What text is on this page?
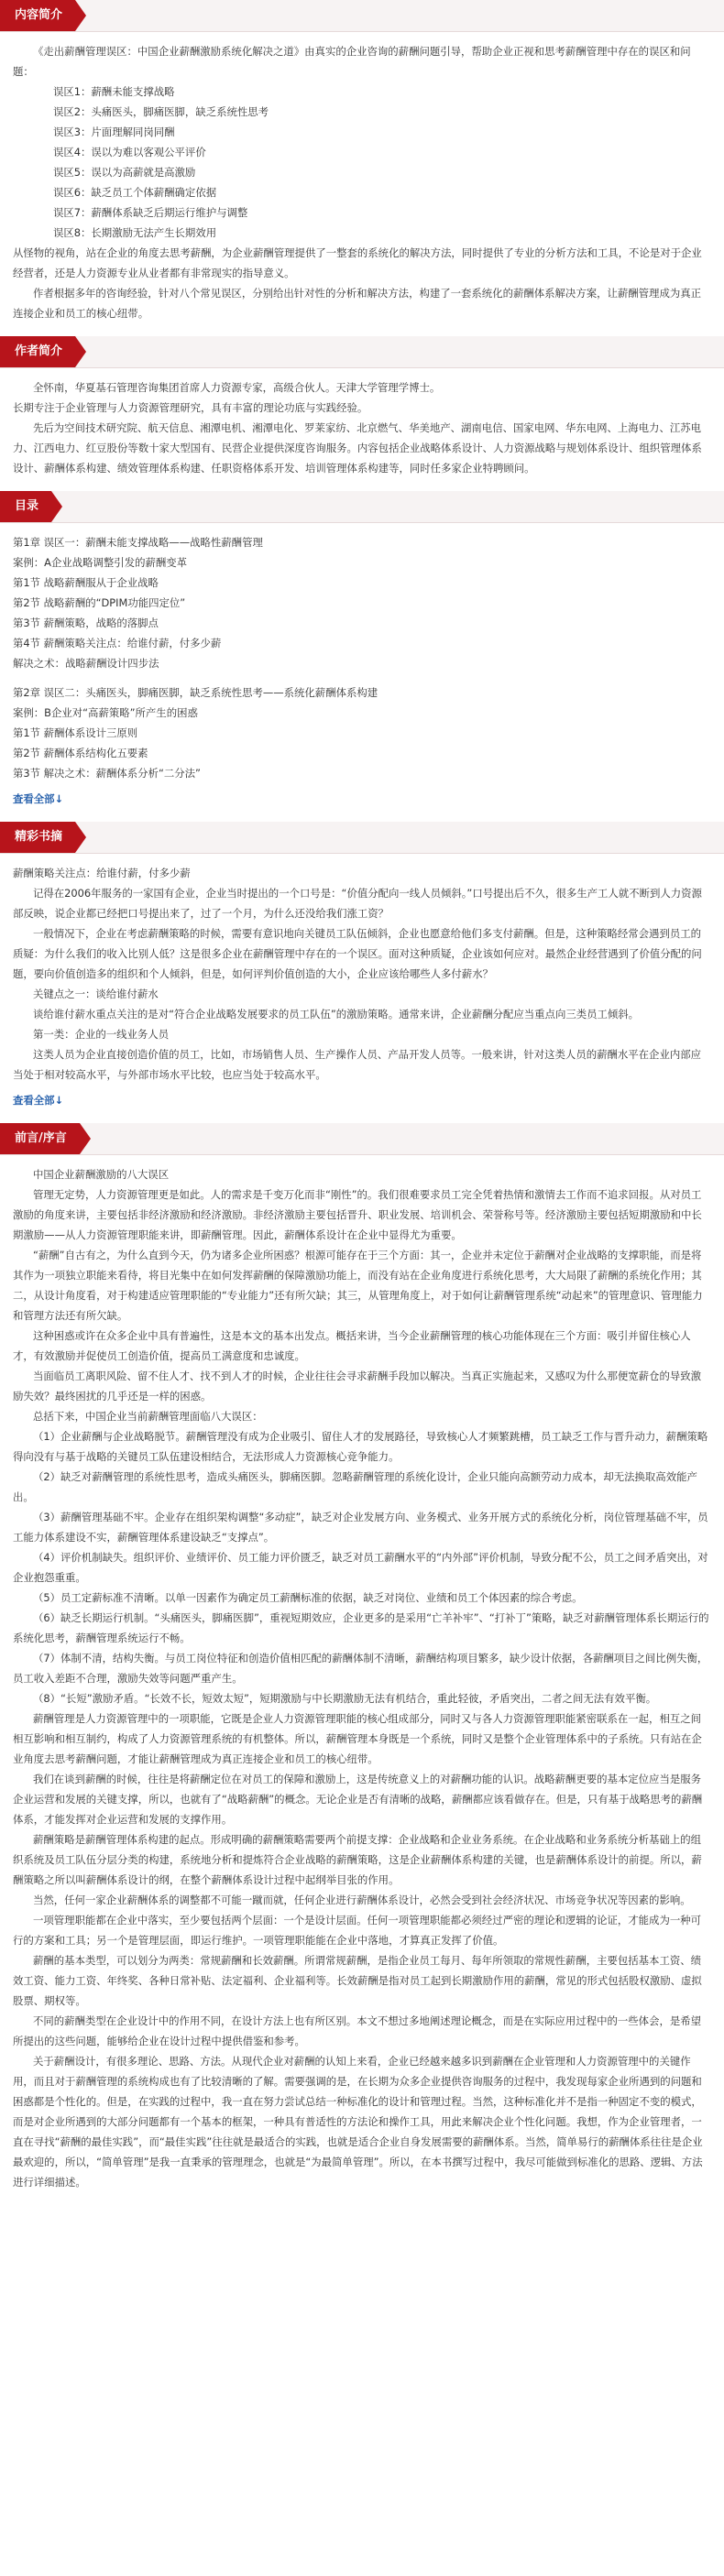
内容简介

《走出薪酬管理误区：中国企业薪酬激励系统化解决之道》由真实的企业咨询的薪酬问题引导，帮助企业正视和思考薪酬管理中存在的误区和问题：

误区1：薪酬未能支撑战略

误区2：头痛医头，脚痛医脚，缺乏系统性思考

误区3：片面理解同岗同酬

误区4：误以为难以客观公平评价

误区5：误以为高薪就是高激励

误区6：缺乏员工个体薪酬确定依据

误区7：薪酬体系缺乏后期运行维护与调整

误区8：长期激励无法产生长期效用

从怪物的视角，站在企业的角度去思考薪酬，为企业薪酬管理提供了一整套的系统化的解决方法，同时提供了专业的分析方法和工具，不论是对于企业经营者，还是人力资源专业从业者都有非常现实的指导意义。

作者根据多年的咨询经验，针对八个常见误区，分别给出针对性的分析和解决方法，构建了一套系统化的薪酬体系解决方案，让薪酬管理成为真正连接企业和员工的核心纽带。

作者简介

全怀南，华夏基石管理咨询集团首席人力资源专家，高级合伙人。天津大学管理学博士。

长期专注于企业管理与人力资源管理研究，具有丰富的理论功底与实践经验。

先后为空间技术研究院、航天信息、湘潭电机、湘潭电化、罗莱家纺、北京燃气、华美地产、湖南电信、国家电网、华东电网、上海电力、江苏电力、江西电力、红豆股份等数十家大型国有、民营企业提供深度咨询服务。内容包括企业战略体系设计、人力资源战略与规划体系设计、组织管理体系设计、薪酬体系构建、绩效管理体系构建、任职资格体系开发、培训管理体系构建等，同时任多家企业特聘顾问。

目录

第1章 误区一：薪酬未能支撑战略——战略性薪酬管理

案例：A企业战略调整引发的薪酬变革

第1节 战略薪酬服从于企业战略

第2节 战略薪酬的“DPIM功能四定位”

第3节 薪酬策略，战略的落脚点

第4节 薪酬策略关注点：给谁付薪，付多少薪

解决之术：战略薪酬设计四步法

第2章 误区二：头痛医头，脚痛医脚，缺乏系统性思考——系统化薪酬体系构建

案例：B企业对“高薪策略”所产生的困惑

第1节 薪酬体系设计三原则

第2节 薪酬体系结构化五要素

第3节 解决之术：薪酬体系分析“二分法”

查看全部↓
精彩书摘

薪酬策略关注点：给谁付薪，付多少薪

记得在2006年服务的一家国有企业，企业当时提出的一个口号是：“价值分配向一线人员倾斜。”口号提出后不久，很多生产工人就不断到人力资源部反映，说企业都已经把口号提出来了，过了一个月，为什么还没给我们涨工资？

一般情况下，企业在考虑薪酬策略的时候，需要有意识地向关键员工队伍倾斜，企业也愿意给他们多支付薪酬。但是，这种策略经常会遇到员工的质疑：为什么我们的收入比别人低？这是很多企业在薪酬管理中存在的一个误区。面对这种质疑，企业该如何应对。最然企业经营遇到了价值分配的问题，要向价值创造多的组织和个人倾斜，但是，如何评判价值创造的大小，企业应该给哪些人多付薪水？

关键点之一：谈给谁付薪水

谈给谁付薪水重点关注的是对“符合企业战略发展要求的员工队伍”的激励策略。通常来讲，企业薪酬分配应当重点向三类员工倾斜。

第一类：企业的一线业务人员

这类人员为企业直接创造价值的员工，比如，市场销售人员、生产操作人员、产品开发人员等。一般来讲，针对这类人员的薪酬水平在企业内部应当处于相对较高水平，与外部市场水平比较，也应当处于较高水平。

查看全部↓
前言/序言

中国企业薪酬激励的八大误区

管理无定势，人力资源管理更是如此。人的需求是千变万化而非“刚性”的。我们很难要求员工完全凭着热情和激情去工作而不追求回报。从对员工激励的角度来讲，主要包括非经济激励和经济激励。非经济激励主要包括晋升、职业发展、培训机会、荣誉称号等。经济激励主要包括短期激励和中长期激励——从人力资源管理职能来讲，即薪酬管理。因此，薪酬体系设计在企业中显得尤为重要。

“薪酬”自古有之，为什么直到今天，仍为诸多企业所困惑？根源可能存在于三个方面：其一，企业并未定位于薪酬对企业战略的支撑职能，而是将其作为一项独立职能来看待，将目光集中在如何发挥薪酬的保障激励功能上，而没有站在企业角度进行系统化思考，大大局限了薪酬的系统化作用；其二，从设计角度看，对于构建适应管理职能的“专业能力”还有所欠缺；其三，从管理角度上，对于如何让薪酬管理系统“动起来”的管理意识、管理能力和管理方法还有所欠缺。

这种困惑或许在众多企业中具有普遍性，这是本文的基本出发点。概括来讲，当今企业薪酬管理的核心功能体现在三个方面：吸引并留住核心人才，有效激励并促使员工创造价值，提高员工满意度和忠诚度。

当面临员工离职风险、留不住人才、找不到人才的时候，企业往往会寻求薪酬手段加以解决。当真正实施起来，又感叹为什么那便宽薪仓的导致激励失效？最终困扰的几乎还是一样的困惑。

总括下来，中国企业当前薪酬管理面临八大误区：

（1）企业薪酬与企业战略脱节。薪酬管理没有成为企业吸引、留住人才的发展路径，导致核心人才频繁跳槽，员工缺乏工作与晋升动力，薪酬策略得向没有与基于战略的关键员工队伍建设相结合，无法形成人力资源核心竞争能力。

（2）缺乏对薪酬管理的系统性思考，造成头痛医头，脚痛医脚。忽略薪酬管理的系统化设计，企业只能向高额劳动力成本，却无法换取高效能产出。

（3）薪酬管理基础不牢。企业存在组织架构调整“多动症”，缺乏对企业发展方向、业务模式、业务开展方式的系统化分析，岗位管理基础不牢，员工能力体系建设不实，薪酬管理体系建设缺乏“支撑点”。

（4）评价机制缺失。组织评价、业绩评价、员工能力评价匮乏，缺乏对员工薪酬水平的“内外部”评价机制，导致分配不公，员工之间矛盾突出，对企业抱怨重重。

（5）员工定薪标准不清晰。以单一因素作为确定员工薪酬标准的依据，缺乏对岗位、业绩和员工个体因素的综合考虑。

（6）缺乏长期运行机制。“头痛医头，脚痛医脚”，重视短期效应，企业更多的是采用“亡羊补牢”、“打补丁”策略，缺乏对薪酬管理体系长期运行的系统化思考，薪酬管理系统运行不畅。

（7）体制不清，结构失衡。与员工岗位特征和创造价值相匹配的薪酬体制不清晰，薪酬结构项目繁多，缺少设计依据，各薪酬项目之间比例失衡，员工收入差距不合理，激励失效等问题严重产生。

（8）“长短”激励矛盾。“长效不长，短效太短”，短期激励与中长期激励无法有机结合，重此轻彼，矛盾突出，二者之间无法有效平衡。

薪酬管理是人力资源管理中的一项职能，它既是企业人力资源管理职能的核心组成部分，同时又与各人力资源管理职能紧密联系在一起，相互之间相互影响和相互制约，构成了人力资源管理系统的有机整体。所以，薪酬管理本身既是一个系统，同时又是整个企业管理体系中的子系统。只有站在企业角度去思考薪酬问题，才能让薪酬管理成为真正连接企业和员工的核心纽带。

我们在谈到薪酬的时候，往往是将薪酬定位在对员工的保障和激励上，这是传统意义上的对薪酬功能的认识。战略薪酬更要的基本定位应当是服务企业运营和发展的关键支撑，所以，也就有了“战略薪酬”的概念。无论企业是否有清晰的战略，薪酬都应该看做存在。但是，只有基于战略思考的薪酬体系，才能发挥对企业运营和发展的支撑作用。

薪酬策略是薪酬管理体系构建的起点。形成明确的薪酬策略需要两个前提支撑：企业战略和企业业务系统。在企业战略和业务系统分析基础上的组织系统及员工队伍分层分类的构建，系统地分析和提炼符合企业战略的薪酬策略，这是企业薪酬体系构建的关键，也是薪酬体系设计的前提。所以，薪酬策略之所以叫薪酬体系设计的纲，在整个薪酬体系设计过程中起纲举目张的作用。

当然，任何一家企业薪酬体系的调整都不可能一蹴而就，任何企业进行薪酬体系设计，必然会受到社会经济状况、市场竞争状况等因素的影响。

一项管理职能都在企业中落实，至少要包括两个层面：一个是设计层面。任何一项管理职能都必须经过严密的理论和逻辑的论证，才能成为一种可行的方案和工具；另一个是管理层面，即运行维护。一项管理职能能在企业中落地，才算真正发挥了价值。

薪酬的基本类型，可以划分为两类：常规薪酬和长效薪酬。所谓常规薪酬，是指企业员工每月、每年所领取的常规性薪酬，主要包括基本工资、绩效工资、能力工资、年终奖、各种日常补贴、法定福利、企业福利等。长效薪酬是指对员工起到长期激励作用的薪酬，常见的形式包括股权激励、虚拟股票、期权等。

不同的薪酬类型在企业设计中的作用不同，在设计方法上也有所区别。本文不想过多地阐述理论概念，而是在实际应用过程中的一些体会，是希望所提出的这些问题，能够给企业在设计过程中提供借鉴和参考。

关于薪酬设计，有很多理论、思路、方法。从现代企业对薪酬的认知上来看，企业已经越来越多识到薪酬在企业管理和人力资源管理中的关键作用，而且对于薪酬管理的系统构成也有了比较清晰的了解。需要强调的是，在长期为众多企业提供咨询服务的过程中，我发现每家企业所遇到的问题和困惑都是个性化的。但是，在实践的过程中，我一直在努力尝试总结一种标准化的设计和管理过程。当然，这种标准化并不是指一种固定不变的模式，而是对企业所遇到的大部分问题都有一个基本的框架，一种具有普适性的方法论和操作工具，用此来解决企业个性化问题。我想，作为企业管理者，一直在寻找“薪酬的最佳实践”，而“最佳实践”往往就是最适合的实践，也就是适合企业自身发展需要的薪酬体系。当然，简单易行的薪酬体系往往是企业最欢迎的，所以，“简单管理”是我一直秉承的管理理念，也就是“为最简单管理”。所以，在本书撰写过程中，我尽可能做到标准化的思路、逻辑、方法进行详细描述。
